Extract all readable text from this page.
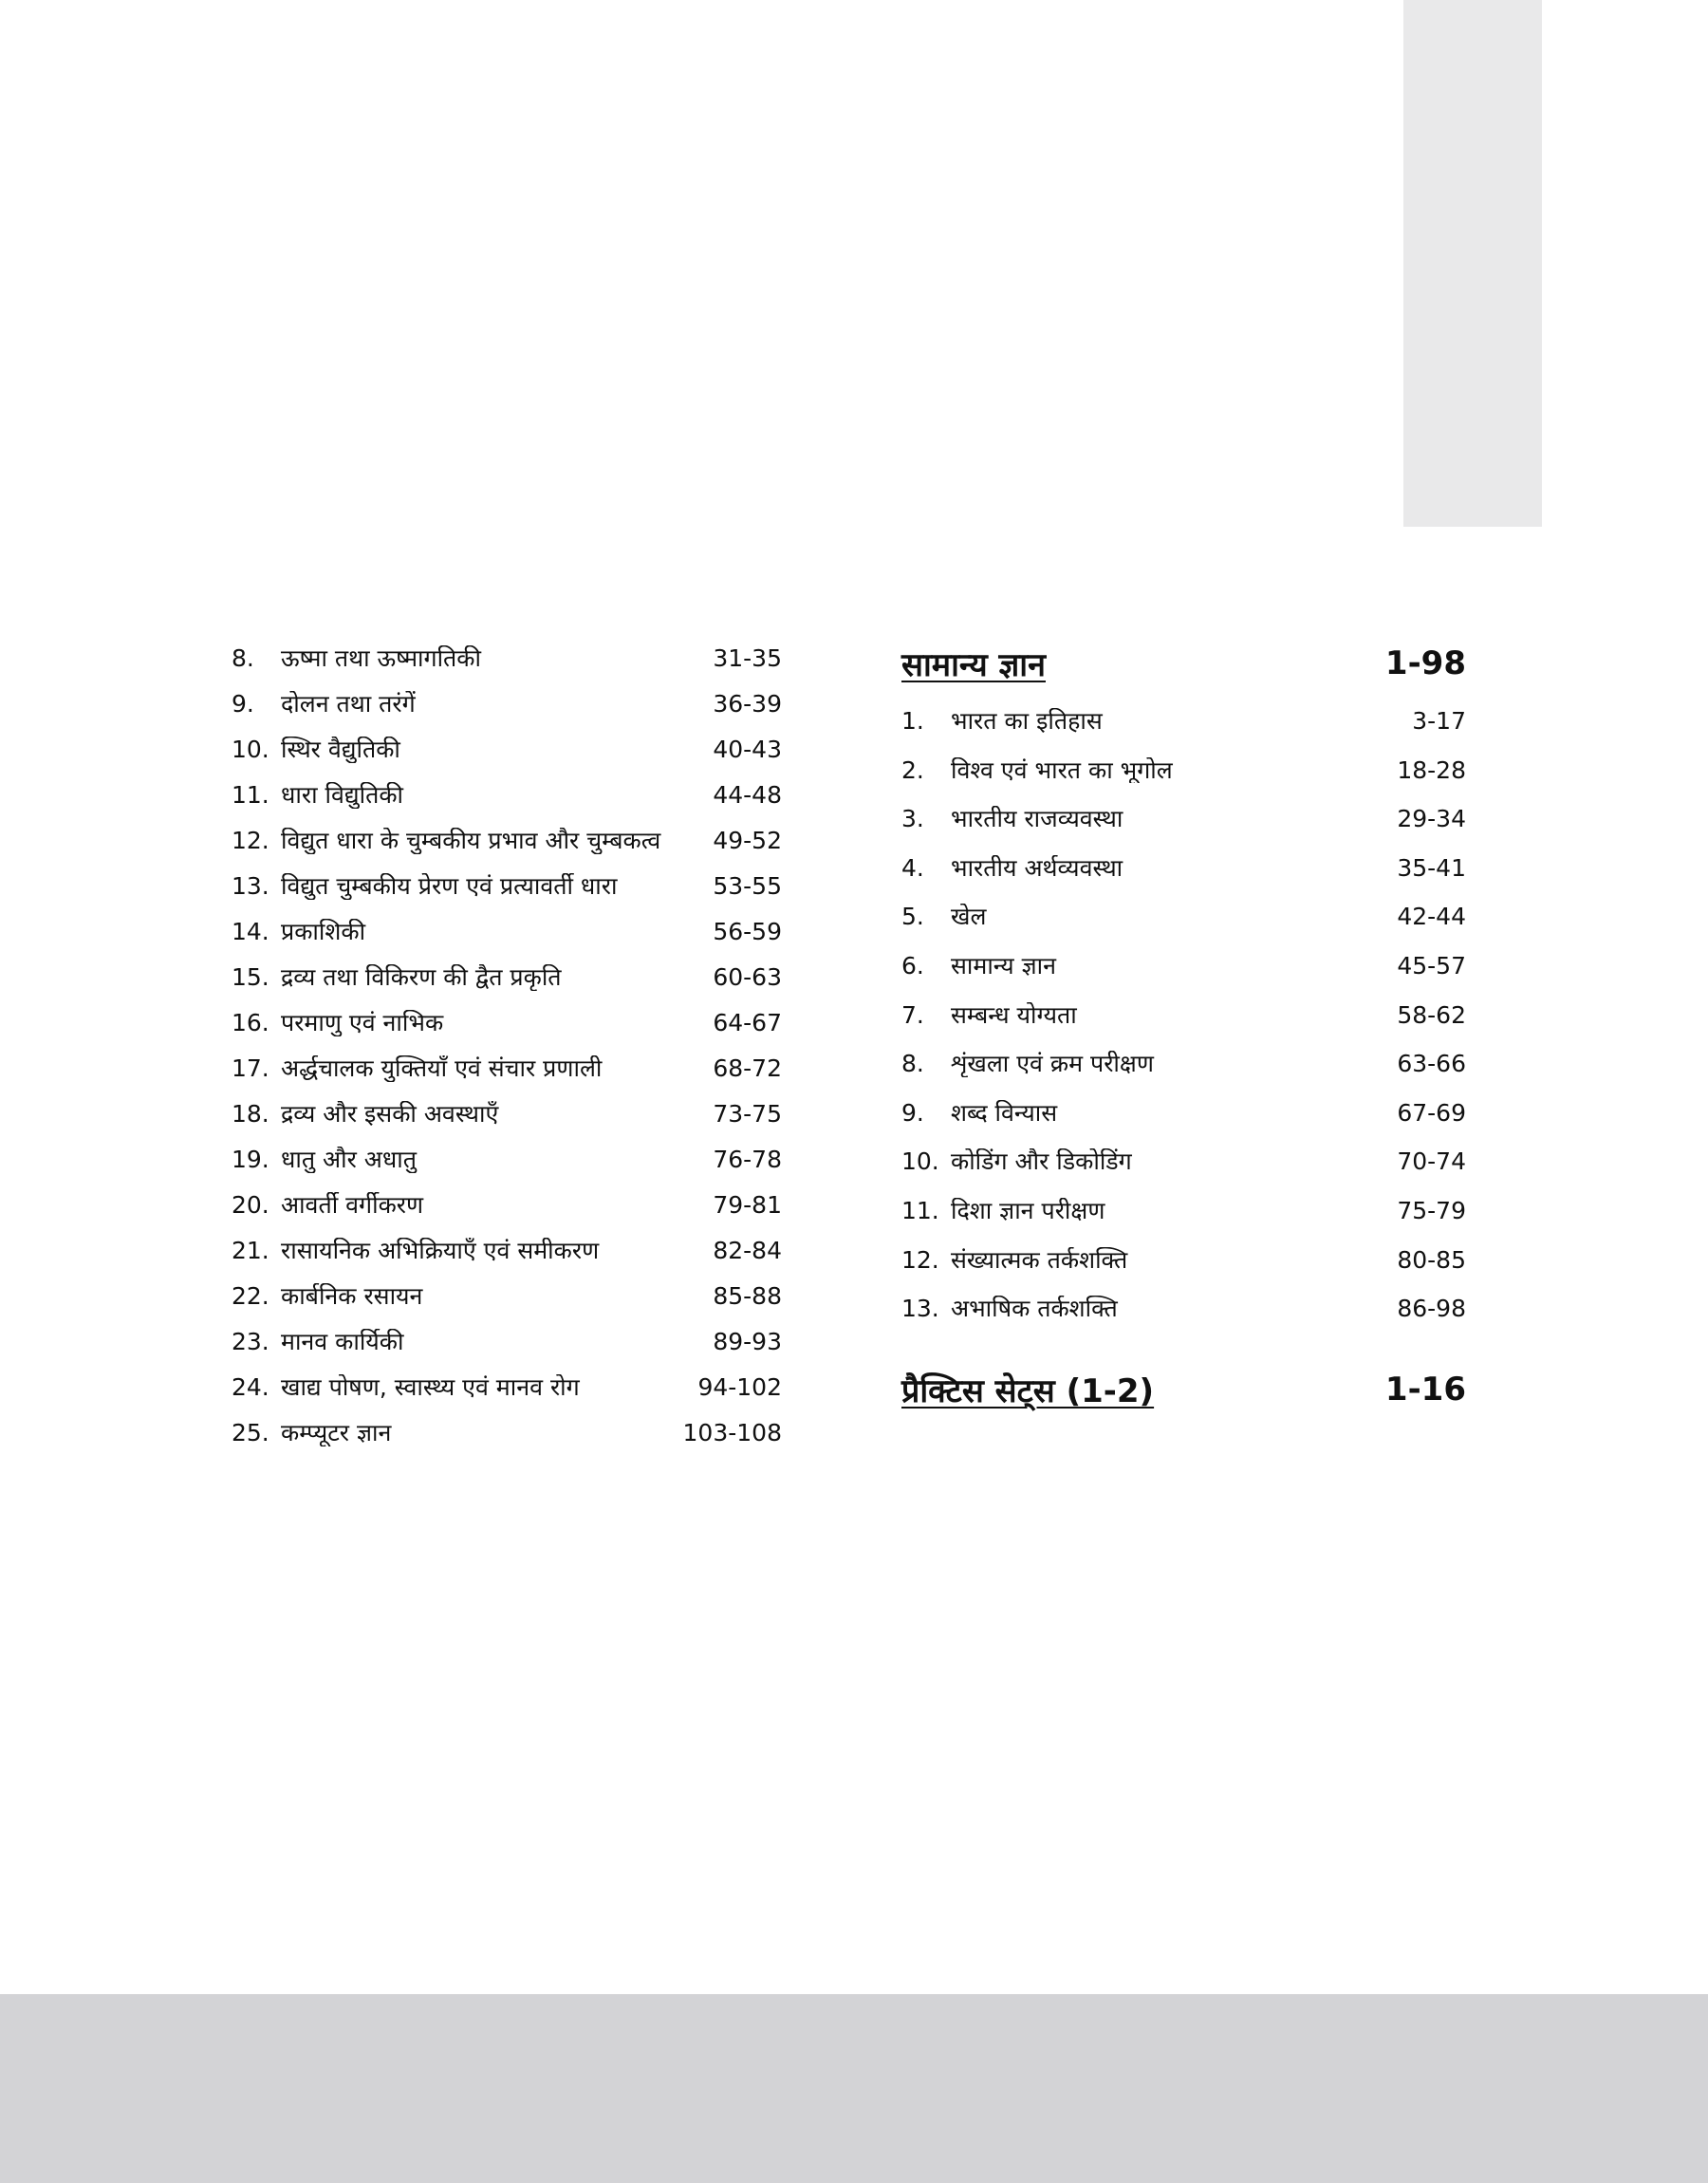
8.	ऊष्मा तथा ऊष्मागतिकी	31-35
9.	दोलन तथा तरंगें	36-39
10. स्थिर वैद्युतिकी	40-43
11. धारा विद्युतिकी	44-48
12. विद्युत धारा के चुम्बकीय प्रभाव और चुम्बकत्व	49-52
13. विद्युत चुम्बकीय प्रेरण एवं प्रत्यावर्ती धारा	53-55
14. प्रकाशिकी	56-59
15. द्रव्य तथा विकिरण की द्वैत प्रकृति	60-63
16. परमाणु एवं नाभिक	64-67
17. अर्द्धचालक युक्तियाँ एवं संचार प्रणाली	68-72
18. द्रव्य और इसकी अवस्थाएँ	73-75
19. धातु और अधातु	76-78
20. आवर्ती वर्गीकरण	79-81
21. रासायनिक अभिक्रियाएँ एवं समीकरण	82-84
22. कार्बनिक रसायन	85-88
23. मानव कार्यिकी	89-93
24. खाद्य पोषण, स्वास्थ्य एवं मानव रोग	94-102
25. कम्प्यूटर ज्ञान	103-108
सामान्य ज्ञान	1-98
1.	भारत का इतिहास	3-17
2.	विश्व एवं भारत का भूगोल	18-28
3.	भारतीय राजव्यवस्था	29-34
4.	भारतीय अर्थव्यवस्था	35-41
5.	खेल	42-44
6.	सामान्य ज्ञान	45-57
7.	सम्बन्ध योग्यता	58-62
8.	शृंखला एवं क्रम परीक्षण	63-66
9.	शब्द विन्यास	67-69
10. कोडिंग और डिकोडिंग	70-74
11. दिशा ज्ञान परीक्षण	75-79
12. संख्यात्मक तर्कशक्ति	80-85
13. अभाषिक तर्कशक्ति	86-98
प्रैक्टिस सेट्स (1-2)	1-16
